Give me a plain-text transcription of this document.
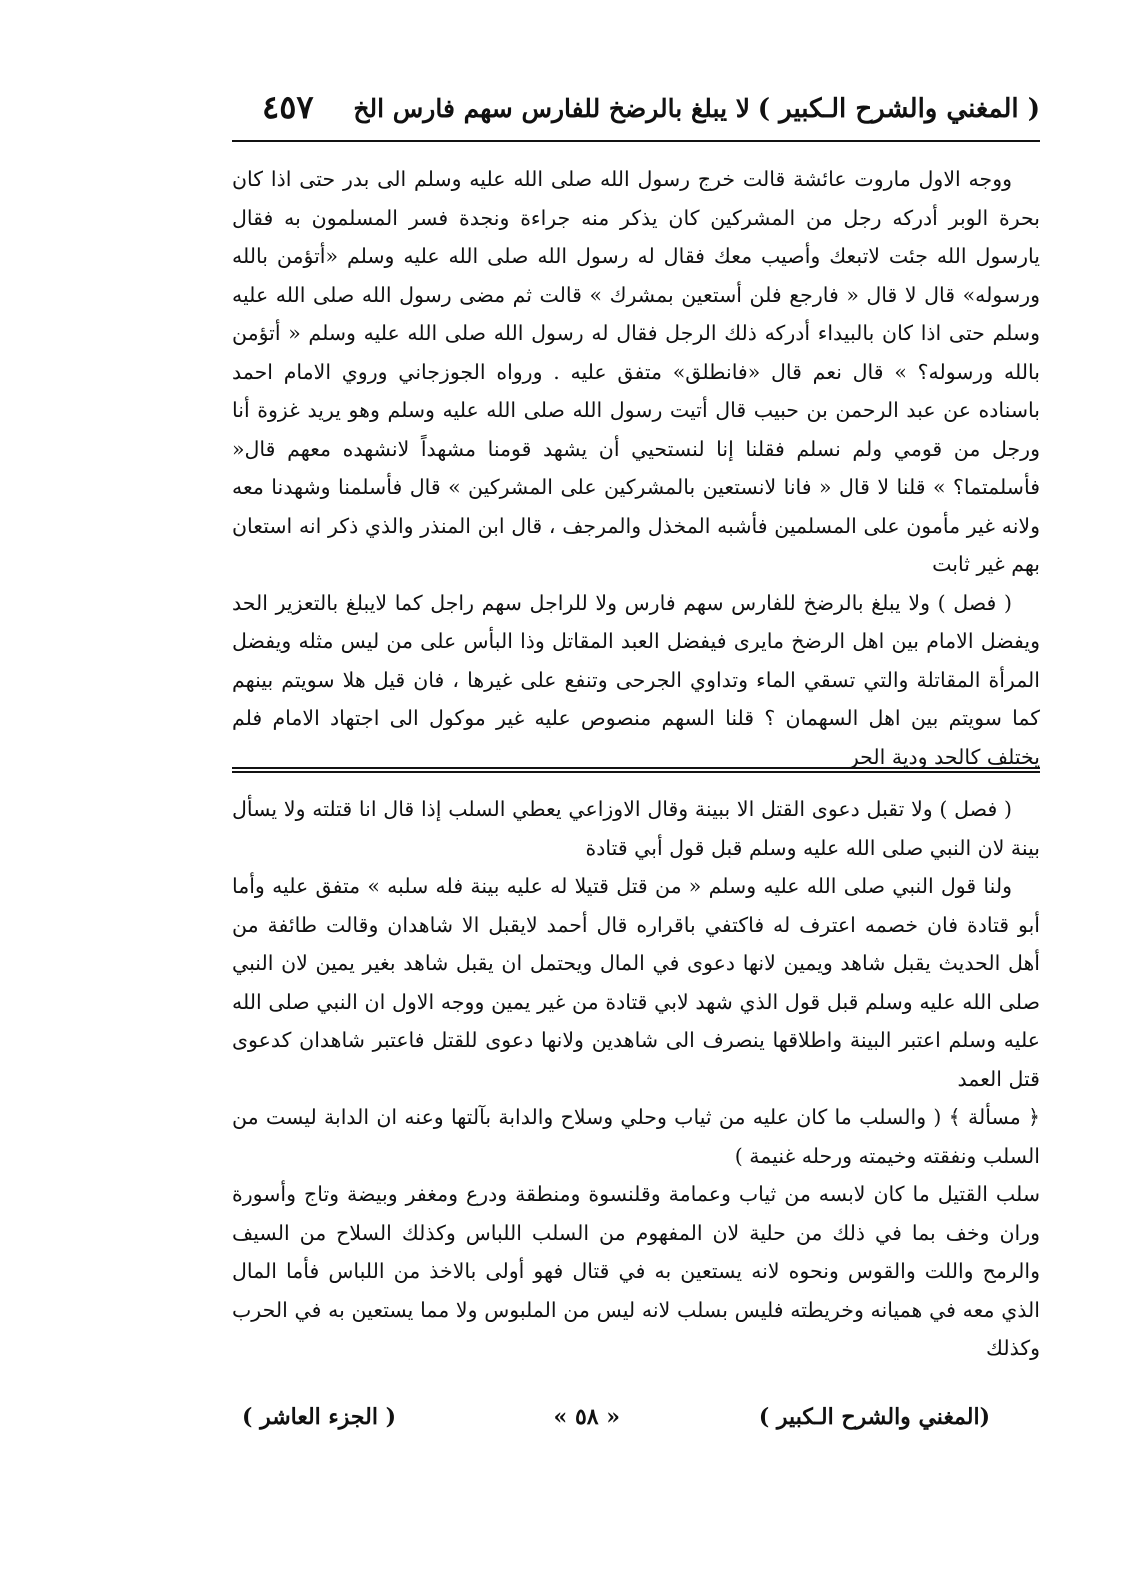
( المغني والشرح الـكبير )
لا يبلغ بالرضخ للفارس سهم فارس الخ
٤٥٧

ووجه الاول ماروت عائشة قالت خرج رسول الله صلى الله عليه وسلم الى بدر حتى اذا كان بحرة الوبر أدركه رجل من المشركين كان يذكر منه جراءة ونجدة فسر المسلمون به فقال يارسول الله جئت لاتبعك وأصيب معك فقال له رسول الله صلى الله عليه وسلم «أتؤمن بالله ورسوله» قال لا قال « فارجع فلن أستعين بمشرك » قالت ثم مضى رسول الله صلى الله عليه وسلم حتى اذا كان بالبيداء أدركه ذلك الرجل فقال له رسول الله صلى الله عليه وسلم « أتؤمن بالله ورسوله؟ » قال نعم قال «فانطلق» متفق عليه . ورواه الجوزجاني وروي الامام احمد باسناده عن عبد الرحمن بن حبيب قال أتيت رسول الله صلى الله عليه وسلم وهو يريد غزوة أنا ورجل من قومي ولم نسلم فقلنا إنا لنستحيي أن يشهد قومنا مشهداً لانشهده معهم قال« فأسلمتما؟ » قلنا لا قال « فانا لانستعين بالمشركين على المشركين » قال فأسلمنا وشهدنا معه ولانه غير مأمون على المسلمين فأشبه المخذل والمرجف ، قال ابن المنذر والذي ذكر انه استعان بهم غير ثابت

( فصل ) ولا يبلغ بالرضخ للفارس سهم فارس ولا للراجل سهم راجل كما لايبلغ بالتعزير الحد ويفضل الامام بين اهل الرضخ مايرى فيفضل العبد المقاتل وذا البأس على من ليس مثله ويفضل المرأة المقاتلة والتي تسقي الماء وتداوي الجرحى وتنفع على غيرها ، فان قيل هلا سويتم بينهم كما سويتم بين اهل السهمان ؟ قلنا السهم منصوص عليه غير موكول الى اجتهاد الامام فلم يختلف كالحد ودية الحر

( فصل ) ولا تقبل دعوى القتل الا ببينة وقال الاوزاعي يعطي السلب إذا قال انا قتلته ولا يسأل بينة لان النبي صلى الله عليه وسلم قبل قول أبي قتادة

ولنا قول النبي صلى الله عليه وسلم « من قتل قتيلا له عليه بينة فله سلبه » متفق عليه وأما أبو قتادة فان خصمه اعترف له فاكتفي باقراره قال أحمد لايقبل الا شاهدان وقالت طائفة من أهل الحديث يقبل شاهد ويمين لانها دعوى في المال ويحتمل ان يقبل شاهد بغير يمين لان النبي صلى الله عليه وسلم قبل قول الذي شهد لابي قتادة من غير يمين ووجه الاول ان النبي صلى الله عليه وسلم اعتبر البينة واطلاقها ينصرف الى شاهدين ولانها دعوى للقتل فاعتبر شاهدان كدعوى قتل العمد

﴿ مسألة ﴾ ( والسلب ما كان عليه من ثياب وحلي وسلاح والدابة بآلتها وعنه ان الدابة ليست من السلب ونفقته وخيمته ورحله غنيمة )

سلب القتيل ما كان لابسه من ثياب وعمامة وقلنسوة ومنطقة ودرع ومغفر وبيضة وتاج وأسورة وران وخف بما في ذلك من حلية لان المفهوم من السلب اللباس وكذلك السلاح من السيف والرمح واللت والقوس ونحوه لانه يستعين به في قتال فهو أولى بالاخذ من اللباس فأما المال الذي معه في هميانه وخريطته فليس بسلب لانه ليس من الملبوس ولا مما يستعين به في الحرب وكذلك

(المغني والشرح الـكبير )
« ٥٨ »
( الجزء العاشر )
